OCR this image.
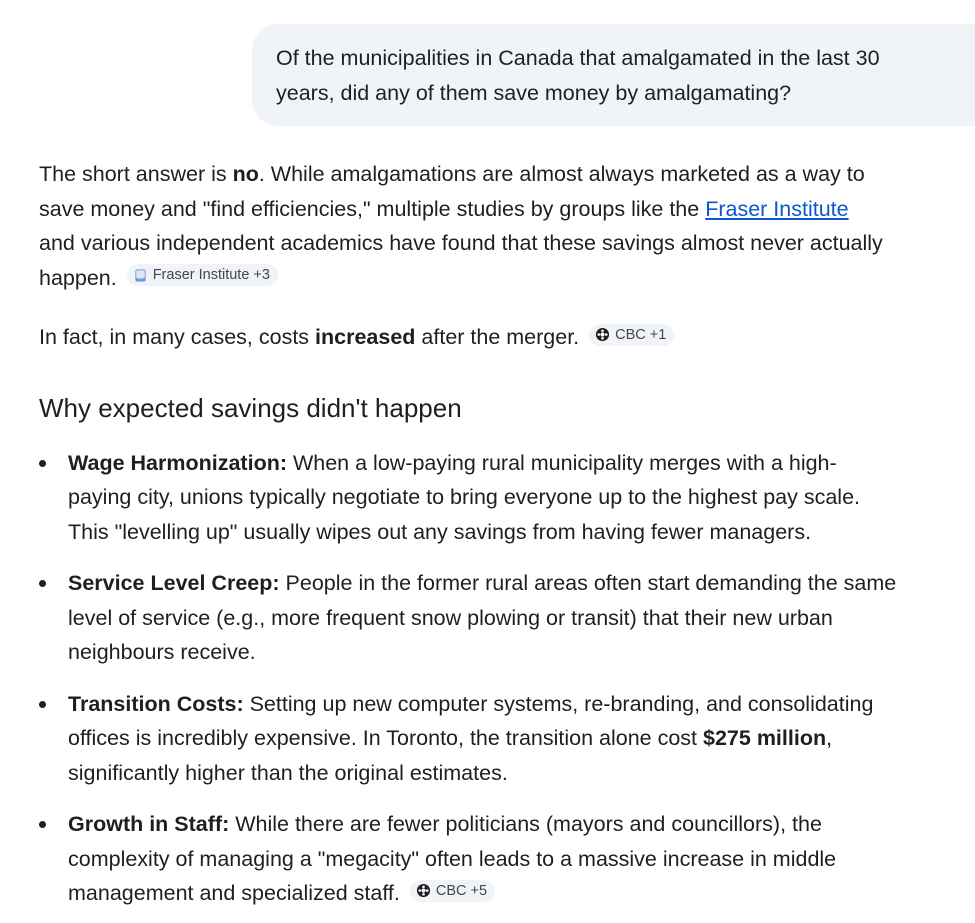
Of the municipalities in Canada that amalgamated in the last 30
years, did any of them save money by amalgamating?

The short answer is no. While amalgamations are almost always marketed as a way to
save money and "find efficiencies," multiple studies by groups like the Fraser Institute
and various independent academics have found that these savings almost never actually
happen. Fraser Institute +3

In fact, in many cases, costs increased after the merger. CBC +1

Why expected savings didn't happen
Wage Harmonization: When a low-paying rural municipality merges with a high-
paying city, unions typically negotiate to bring everyone up to the highest pay scale.
This "levelling up" usually wipes out any savings from having fewer managers.
Service Level Creep: People in the former rural areas often start demanding the same
level of service (e.g., more frequent snow plowing or transit) that their new urban
neighbours receive.
Transition Costs: Setting up new computer systems, re-branding, and consolidating
offices is incredibly expensive. In Toronto, the transition alone cost $275 million,
significantly higher than the original estimates.
Growth in Staff: While there are fewer politicians (mayors and councillors), the
complexity of managing a "megacity" often leads to a massive increase in middle
management and specialized staff. CBC +5
